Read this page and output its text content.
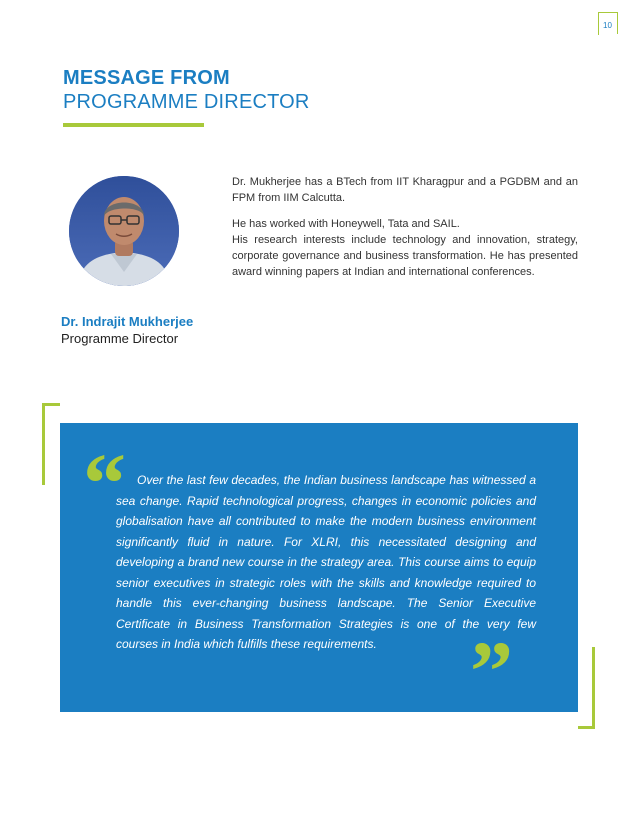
10
MESSAGE FROM
PROGRAMME DIRECTOR

Dr. Mukherjee has a BTech from IIT Kharagpur and a PGDBM and an FPM from IIM Calcutta.

He has worked with Honeywell, Tata and SAIL.

His research interests include technology and innovation, strategy, corporate governance and business transformation. He has presented award winning papers at Indian and international conferences.

Dr. Indrajit Mukherjee
Programme Director
“ Over the last few decades, the Indian business landscape has witnessed a sea change. Rapid technological progress, changes in economic policies and globalisation have all contributed to make the modern business environment significantly fluid in nature. For XLRI, this necessitated designing and developing a brand new course in the strategy area. This course aims to equip senior executives in strategic roles with the skills and knowledge required to handle this ever-changing business landscape. The Senior Executive Certificate in Business Transformation Strategies is one of the very few courses in India which fulfills these requirements.	”
